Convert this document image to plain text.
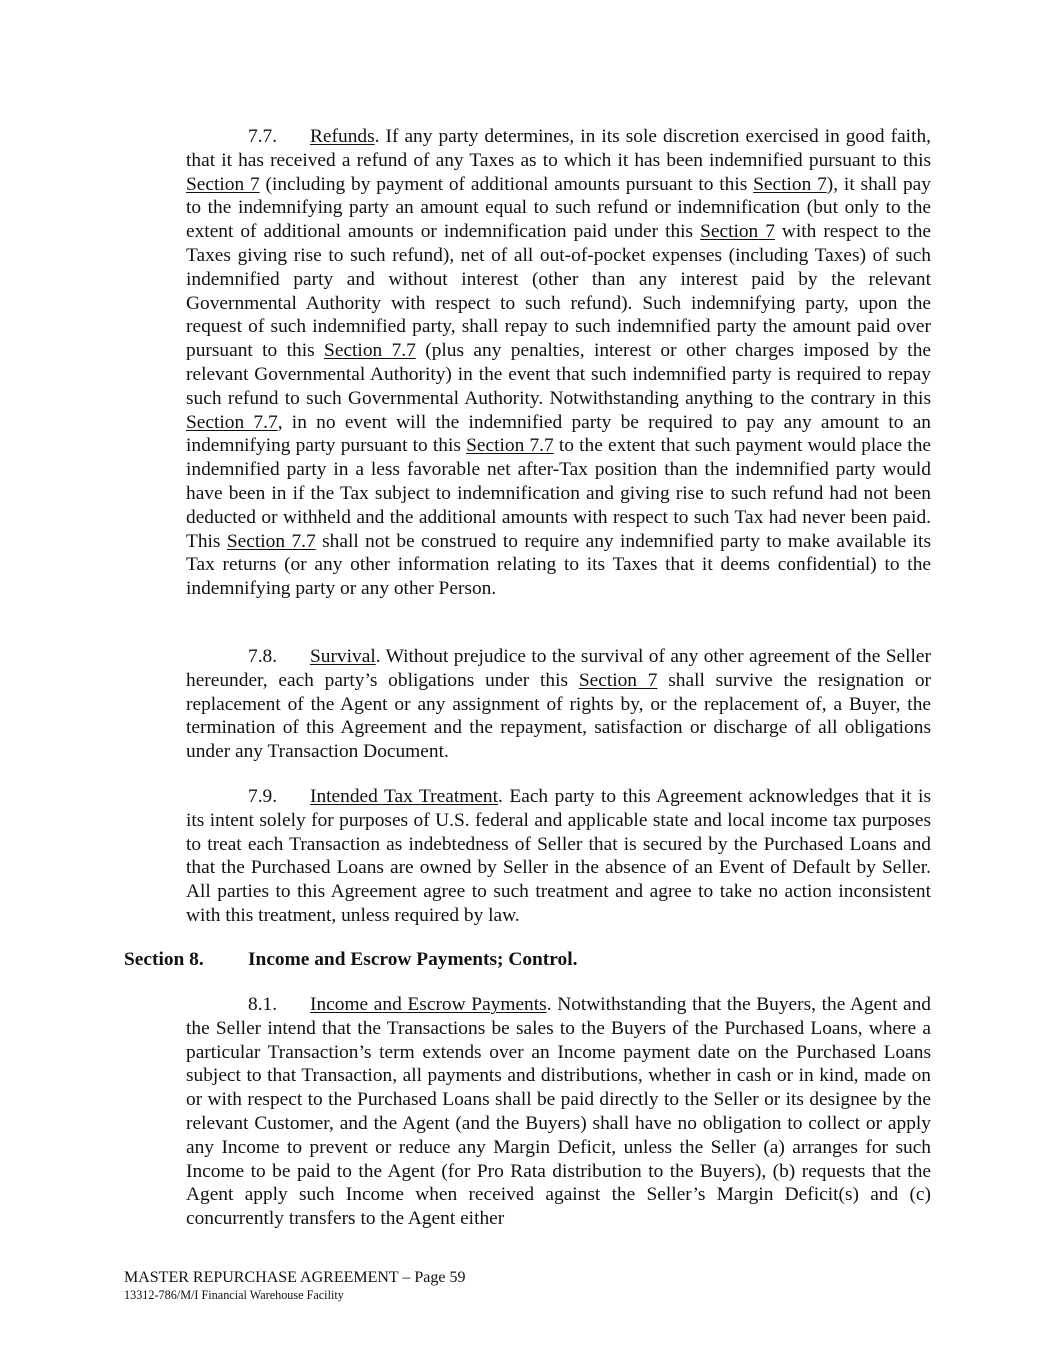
7.7. Refunds. If any party determines, in its sole discretion exercised in good faith, that it has received a refund of any Taxes as to which it has been indemnified pursuant to this Section 7 (including by payment of additional amounts pursuant to this Section 7), it shall pay to the indemnifying party an amount equal to such refund or indemnification (but only to the extent of additional amounts or indemnification paid under this Section 7 with respect to the Taxes giving rise to such refund), net of all out-of-pocket expenses (including Taxes) of such indemnified party and without interest (other than any interest paid by the relevant Governmental Authority with respect to such refund). Such indemnifying party, upon the request of such indemnified party, shall repay to such indemnified party the amount paid over pursuant to this Section 7.7 (plus any penalties, interest or other charges imposed by the relevant Governmental Authority) in the event that such indemnified party is required to repay such refund to such Governmental Authority. Notwithstanding anything to the contrary in this Section 7.7, in no event will the indemnified party be required to pay any amount to an indemnifying party pursuant to this Section 7.7 to the extent that such payment would place the indemnified party in a less favorable net after-Tax position than the indemnified party would have been in if the Tax subject to indemnification and giving rise to such refund had not been deducted or withheld and the additional amounts with respect to such Tax had never been paid. This Section 7.7 shall not be construed to require any indemnified party to make available its Tax returns (or any other information relating to its Taxes that it deems confidential) to the indemnifying party or any other Person.

7.8. Survival. Without prejudice to the survival of any other agreement of the Seller hereunder, each party’s obligations under this Section 7 shall survive the resignation or replacement of the Agent or any assignment of rights by, or the replacement of, a Buyer, the termination of this Agreement and the repayment, satisfaction or discharge of all obligations under any Transaction Document.

7.9. Intended Tax Treatment. Each party to this Agreement acknowledges that it is its intent solely for purposes of U.S. federal and applicable state and local income tax purposes to treat each Transaction as indebtedness of Seller that is secured by the Purchased Loans and that the Purchased Loans are owned by Seller in the absence of an Event of Default by Seller. All parties to this Agreement agree to such treatment and agree to take no action inconsistent with this treatment, unless required by law.

Section 8. Income and Escrow Payments; Control.

8.1. Income and Escrow Payments. Notwithstanding that the Buyers, the Agent and the Seller intend that the Transactions be sales to the Buyers of the Purchased Loans, where a particular Transaction’s term extends over an Income payment date on the Purchased Loans subject to that Transaction, all payments and distributions, whether in cash or in kind, made on or with respect to the Purchased Loans shall be paid directly to the Seller or its designee by the relevant Customer, and the Agent (and the Buyers) shall have no obligation to collect or apply any Income to prevent or reduce any Margin Deficit, unless the Seller (a) arranges for such Income to be paid to the Agent (for Pro Rata distribution to the Buyers), (b) requests that the Agent apply such Income when received against the Seller’s Margin Deficit(s) and (c) concurrently transfers to the Agent either

MASTER REPURCHASE AGREEMENT – Page 59
13312-786/M/I Financial Warehouse Facility
